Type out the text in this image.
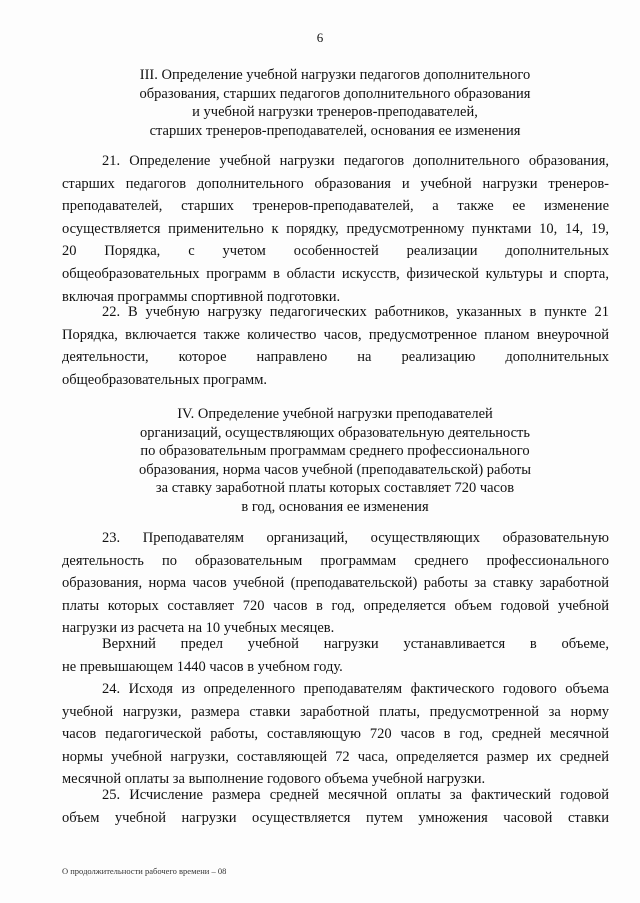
6
III. Определение учебной нагрузки педагогов дополнительного
образования, старших педагогов дополнительного образования
и учебной нагрузки тренеров-преподавателей,
старших тренеров-преподавателей, основания ее изменения
21. Определение учебной нагрузки педагогов дополнительного образования,
старших педагогов дополнительного образования и учебной нагрузки тренеров-
преподавателей, старших тренеров-преподавателей, а также ее изменение
осуществляется применительно к порядку, предусмотренному пунктами 10, 14, 19,
20 Порядка, с учетом особенностей реализации дополнительных
общеобразовательных программ в области искусств, физической культуры и спорта,
включая программы спортивной подготовки.
22. В учебную нагрузку педагогических работников, указанных в пункте 21
Порядка, включается также количество часов, предусмотренное планом внеурочной
деятельности, которое направлено на реализацию дополнительных
общеобразовательных программ.
IV. Определение учебной нагрузки преподавателей
организаций, осуществляющих образовательную деятельность
по образовательным программам среднего профессионального
образования, норма часов учебной (преподавательской) работы
за ставку заработной платы которых составляет 720 часов
в год, основания ее изменения
23. Преподавателям организаций, осуществляющих образовательную
деятельность по образовательным программам среднего профессионального
образования, норма часов учебной (преподавательской) работы за ставку заработной
платы которых составляет 720 часов в год, определяется объем годовой учебной
нагрузки из расчета на 10 учебных месяцев.
Верхний предел учебной нагрузки устанавливается в объеме,
не превышающем 1440 часов в учебном году.
24. Исходя из определенного преподавателям фактического годового объема
учебной нагрузки, размера ставки заработной платы, предусмотренной за норму
часов педагогической работы, составляющую 720 часов в год, средней месячной
нормы учебной нагрузки, составляющей 72 часа, определяется размер их средней
месячной оплаты за выполнение годового объема учебной нагрузки.
25. Исчисление размера средней месячной оплаты за фактический годовой
объем учебной нагрузки осуществляется путем умножения часовой ставки
О продолжительности рабочего времени – 08
